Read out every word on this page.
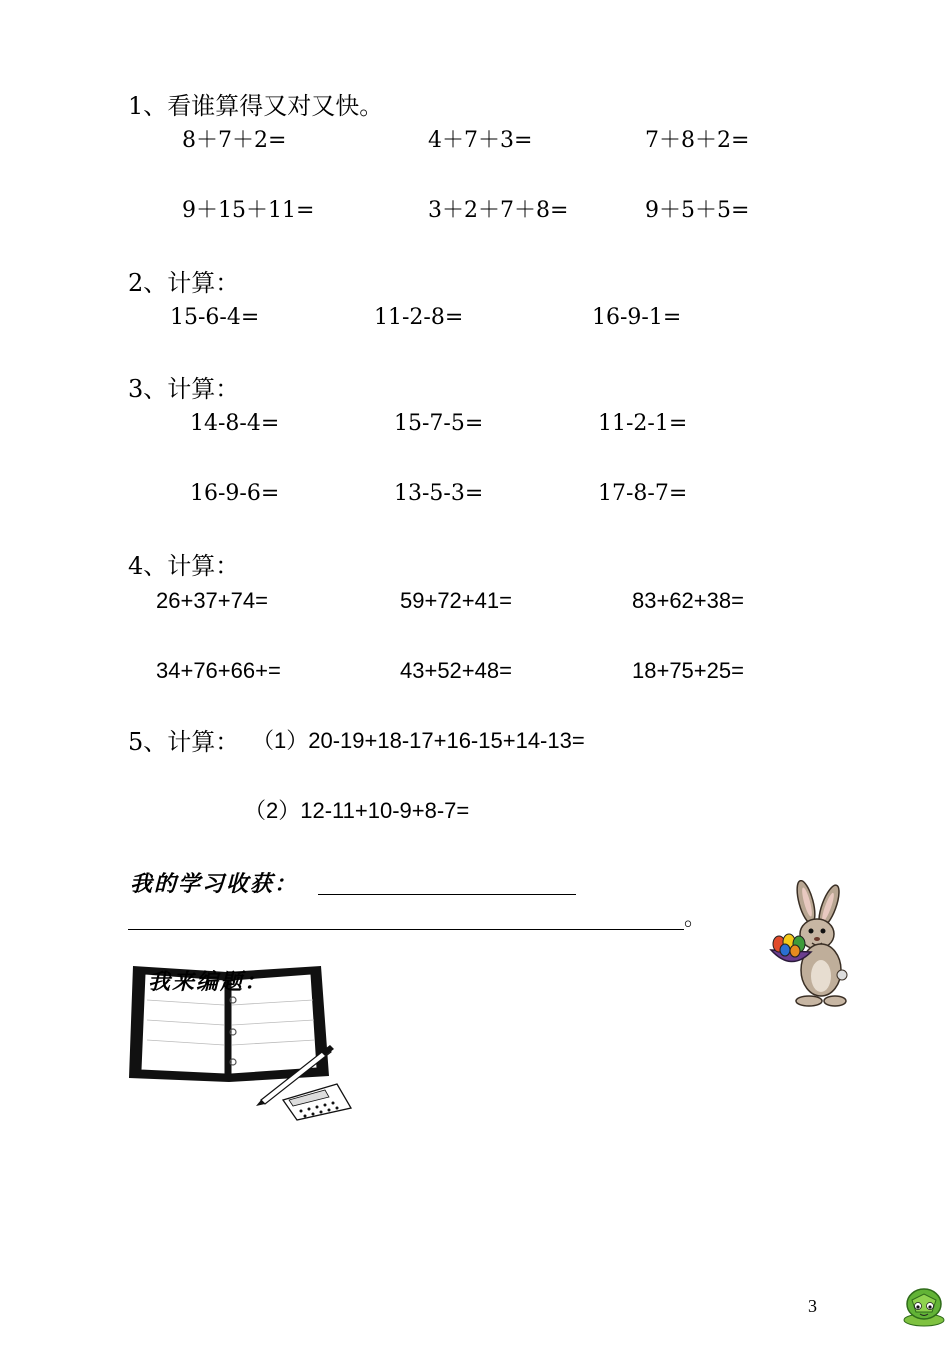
1、看谁算得又对又快。
8＋7＋2=	4＋7＋3=	7＋8＋2=
9＋15＋11=	3＋2＋7＋8=	9＋5＋5=
2、计算：
15-6-4=	11-2-8=	16-9-1=
3、计算：
14-8-4=	15-7-5=	11-2-1=
16-9-6=	13-5-3=	17-8-7=
4、计算：
26+37+74=	59+72+41=	83+62+38=
34+76+66+=	43+52+48=	18+75+25=
5、计算： （1）20-19+18-17+16-15+14-13=
（2）12-11+10-9+8-7=
我的学习收获：
。
我来编题：
3
